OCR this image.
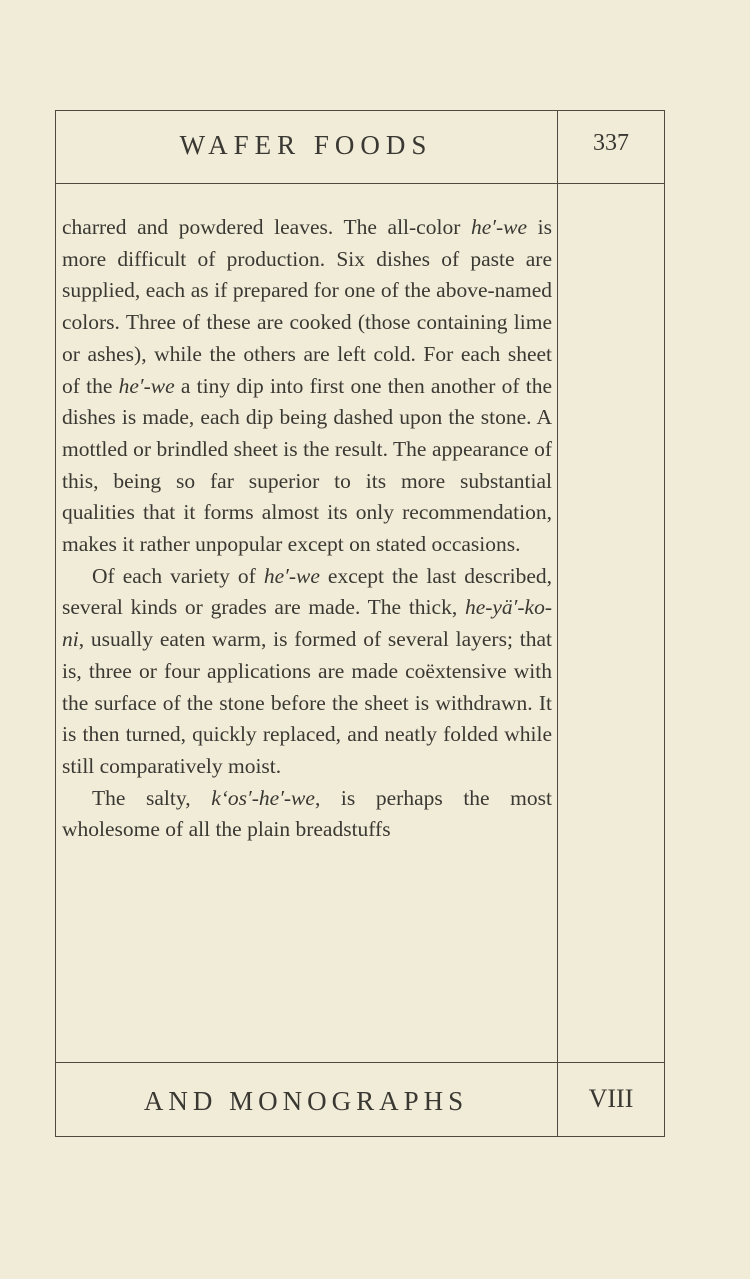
WAFER FOODS	337

charred and powdered leaves. The all-color he′-we is more difficult of production. Six dishes of paste are supplied, each as if prepared for one of the above-named colors. Three of these are cooked (those containing lime or ashes), while the others are left cold. For each sheet of the he′-we a tiny dip into first one then another of the dishes is made, each dip being dashed upon the stone. A mottled or brindled sheet is the result. The appearance of this, being so far superior to its more substantial qualities that it forms almost its only recommendation, makes it rather unpopular except on stated occasions.

Of each variety of he′-we except the last described, several kinds or grades are made. The thick, he-yä′-ko-ni, usually eaten warm, is formed of several layers; that is, three or four applications are made coëxtensive with the surface of the stone before the sheet is withdrawn. It is then turned, quickly replaced, and neatly folded while still comparatively moist.

The salty, kʻos′-he′-we, is perhaps the most wholesome of all the plain breadstuffs

AND MONOGRAPHS	VIII
